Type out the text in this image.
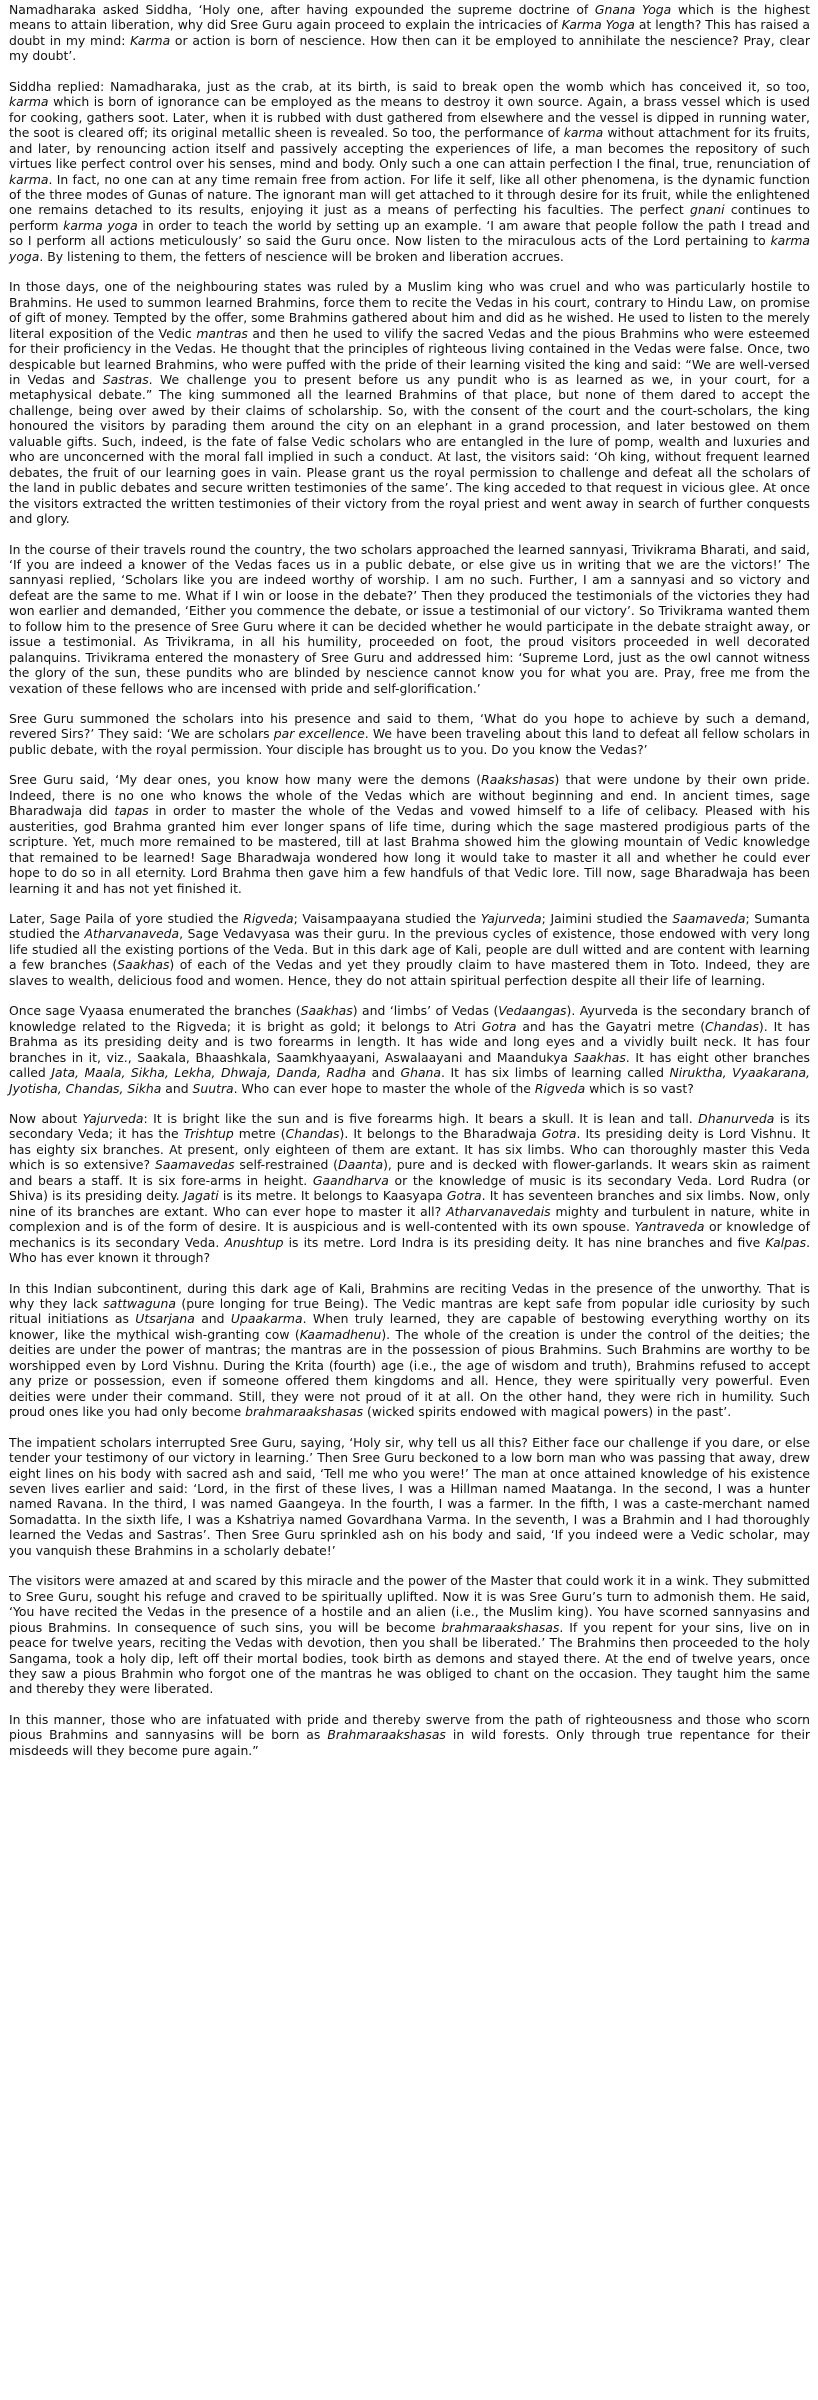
Namadharaka asked Siddha, ‘Holy one, after having expounded the supreme doctrine of Gnana Yoga which is the highest means to attain liberation, why did Sree Guru again proceed to explain the intricacies of Karma Yoga at length? This has raised a doubt in my mind: Karma or action is born of nescience. How then can it be employed to annihilate the nescience? Pray, clear my doubt’.

Siddha replied: Namadharaka, just as the crab, at its birth, is said to break open the womb which has conceived it, so too, karma which is born of ignorance can be employed as the means to destroy it own source. Again, a brass vessel which is used for cooking, gathers soot. Later, when it is rubbed with dust gathered from elsewhere and the vessel is dipped in running water, the soot is cleared off; its original metallic sheen is revealed. So too, the performance of karma without attachment for its fruits, and later, by renouncing action itself and passively accepting the experiences of life, a man becomes the repository of such virtues like perfect control over his senses, mind and body. Only such a one can attain perfection I the final, true, renunciation of karma. In fact, no one can at any time remain free from action. For life it self, like all other phenomena, is the dynamic function of the three modes of Gunas of nature. The ignorant man will get attached to it through desire for its fruit, while the enlightened one remains detached to its results, enjoying it just as a means of perfecting his faculties. The perfect gnani continues to perform karma yoga in order to teach the world by setting up an example. ‘I am aware that people follow the path I tread and so I perform all actions meticulously’ so said the Guru once. Now listen to the miraculous acts of the Lord pertaining to karma yoga. By listening to them, the fetters of nescience will be broken and liberation accrues.

In those days, one of the neighbouring states was ruled by a Muslim king who was cruel and who was particularly hostile to Brahmins. He used to summon learned Brahmins, force them to recite the Vedas in his court, contrary to Hindu Law, on promise of gift of money. Tempted by the offer, some Brahmins gathered about him and did as he wished. He used to listen to the merely literal exposition of the Vedic mantras and then he used to vilify the sacred Vedas and the pious Brahmins who were esteemed for their proficiency in the Vedas. He thought that the principles of righteous living contained in the Vedas were false. Once, two despicable but learned Brahmins, who were puffed with the pride of their learning visited the king and said: “We are well-versed in Vedas and Sastras. We challenge you to present before us any pundit who is as learned as we, in your court, for a metaphysical debate.” The king summoned all the learned Brahmins of that place, but none of them dared to accept the challenge, being over awed by their claims of scholarship. So, with the consent of the court and the court-scholars, the king honoured the visitors by parading them around the city on an elephant in a grand procession, and later bestowed on them valuable gifts. Such, indeed, is the fate of false Vedic scholars who are entangled in the lure of pomp, wealth and luxuries and who are unconcerned with the moral fall implied in such a conduct. At last, the visitors said: ‘Oh king, without frequent learned debates, the fruit of our learning goes in vain. Please grant us the royal permission to challenge and defeat all the scholars of the land in public debates and secure written testimonies of the same’. The king acceded to that request in vicious glee. At once the visitors extracted the written testimonies of their victory from the royal priest and went away in search of further conquests and glory.

In the course of their travels round the country, the two scholars approached the learned sannyasi, Trivikrama Bharati, and said, ‘If you are indeed a knower of the Vedas faces us in a public debate, or else give us in writing that we are the victors!’ The sannyasi replied, ‘Scholars like you are indeed worthy of worship. I am no such. Further, I am a sannyasi and so victory and defeat are the same to me. What if I win or loose in the debate?’ Then they produced the testimonials of the victories they had won earlier and demanded, ‘Either you commence the debate, or issue a testimonial of our victory’. So Trivikrama wanted them to follow him to the presence of Sree Guru where it can be decided whether he would participate in the debate straight away, or issue a testimonial. As Trivikrama, in all his humility, proceeded on foot, the proud visitors proceeded in well decorated palanquins. Trivikrama entered the monastery of Sree Guru and addressed him: ‘Supreme Lord, just as the owl cannot witness the glory of the sun, these pundits who are blinded by nescience cannot know you for what you are. Pray, free me from the vexation of these fellows who are incensed with pride and self-glorification.’

Sree Guru summoned the scholars into his presence and said to them, ‘What do you hope to achieve by such a demand, revered Sirs?’ They said: ‘We are scholars par excellence. We have been traveling about this land to defeat all fellow scholars in public debate, with the royal permission. Your disciple has brought us to you. Do you know the Vedas?’

Sree Guru said, ‘My dear ones, you know how many were the demons (Raakshasas) that were undone by their own pride. Indeed, there is no one who knows the whole of the Vedas which are without beginning and end. In ancient times, sage Bharadwaja did tapas in order to master the whole of the Vedas and vowed himself to a life of celibacy. Pleased with his austerities, god Brahma granted him ever longer spans of life time, during which the sage mastered prodigious parts of the scripture. Yet, much more remained to be mastered, till at last Brahma showed him the glowing mountain of Vedic knowledge that remained to be learned! Sage Bharadwaja wondered how long it would take to master it all and whether he could ever hope to do so in all eternity. Lord Brahma then gave him a few handfuls of that Vedic lore. Till now, sage Bharadwaja has been learning it and has not yet finished it.

Later, Sage Paila of yore studied the Rigveda; Vaisampaayana studied the Yajurveda; Jaimini studied the Saamaveda; Sumanta studied the Atharvanaveda, Sage Vedavyasa was their guru. In the previous cycles of existence, those endowed with very long life studied all the existing portions of the Veda. But in this dark age of Kali, people are dull witted and are content with learning a few branches (Saakhas) of each of the Vedas and yet they proudly claim to have mastered them in Toto. Indeed, they are slaves to wealth, delicious food and women. Hence, they do not attain spiritual perfection despite all their life of learning.

Once sage Vyaasa enumerated the branches (Saakhas) and ‘limbs’ of Vedas (Vedaangas). Ayurveda is the secondary branch of knowledge related to the Rigveda; it is bright as gold; it belongs to Atri Gotra and has the Gayatri metre (Chandas). It has Brahma as its presiding deity and is two forearms in length. It has wide and long eyes and a vividly built neck. It has four branches in it, viz., Saakala, Bhaashkala, Saamkhyaayani, Aswalaayani and Maandukya Saakhas. It has eight other branches called Jata, Maala, Sikha, Lekha, Dhwaja, Danda, Radha and Ghana. It has six limbs of learning called Niruktha, Vyaakarana, Jyotisha, Chandas, Sikha and Suutra. Who can ever hope to master the whole of the Rigveda which is so vast?

Now about Yajurveda: It is bright like the sun and is five forearms high. It bears a skull. It is lean and tall. Dhanurveda is its secondary Veda; it has the Trishtup metre (Chandas). It belongs to the Bharadwaja Gotra. Its presiding deity is Lord Vishnu. It has eighty six branches. At present, only eighteen of them are extant. It has six limbs. Who can thoroughly master this Veda which is so extensive? Saamavedas self-restrained (Daanta), pure and is decked with flower-garlands. It wears skin as raiment and bears a staff. It is six fore-arms in height. Gaandharva or the knowledge of music is its secondary Veda. Lord Rudra (or Shiva) is its presiding deity. Jagati is its metre. It belongs to Kaasyapa Gotra. It has seventeen branches and six limbs. Now, only nine of its branches are extant. Who can ever hope to master it all? Atharvanavedais mighty and turbulent in nature, white in complexion and is of the form of desire. It is auspicious and is well-contented with its own spouse. Yantraveda or knowledge of mechanics is its secondary Veda. Anushtup is its metre. Lord Indra is its presiding deity. It has nine branches and five Kalpas. Who has ever known it through?

In this Indian subcontinent, during this dark age of Kali, Brahmins are reciting Vedas in the presence of the unworthy. That is why they lack sattwaguna (pure longing for true Being). The Vedic mantras are kept safe from popular idle curiosity by such ritual initiations as Utsarjana and Upaakarma. When truly learned, they are capable of bestowing everything worthy on its knower, like the mythical wish-granting cow (Kaamadhenu). The whole of the creation is under the control of the deities; the deities are under the power of mantras; the mantras are in the possession of pious Brahmins. Such Brahmins are worthy to be worshipped even by Lord Vishnu. During the Krita (fourth) age (i.e., the age of wisdom and truth), Brahmins refused to accept any prize or possession, even if someone offered them kingdoms and all. Hence, they were spiritually very powerful. Even deities were under their command. Still, they were not proud of it at all. On the other hand, they were rich in humility. Such proud ones like you had only become brahmaraakshasas (wicked spirits endowed with magical powers) in the past’.

The impatient scholars interrupted Sree Guru, saying, ‘Holy sir, why tell us all this? Either face our challenge if you dare, or else tender your testimony of our victory in learning.’ Then Sree Guru beckoned to a low born man who was passing that away, drew eight lines on his body with sacred ash and said, ‘Tell me who you were!’ The man at once attained knowledge of his existence seven lives earlier and said: ‘Lord, in the first of these lives, I was a Hillman named Maatanga. In the second, I was a hunter named Ravana. In the third, I was named Gaangeya. In the fourth, I was a farmer. In the fifth, I was a caste-merchant named Somadatta. In the sixth life, I was a Kshatriya named Govardhana Varma. In the seventh, I was a Brahmin and I had thoroughly learned the Vedas and Sastras’. Then Sree Guru sprinkled ash on his body and said, ‘If you indeed were a Vedic scholar, may you vanquish these Brahmins in a scholarly debate!’

The visitors were amazed at and scared by this miracle and the power of the Master that could work it in a wink. They submitted to Sree Guru, sought his refuge and craved to be spiritually uplifted. Now it is was Sree Guru’s turn to admonish them. He said, ‘You have recited the Vedas in the presence of a hostile and an alien (i.e., the Muslim king). You have scorned sannyasins and pious Brahmins. In consequence of such sins, you will be become brahmaraakshasas. If you repent for your sins, live on in peace for twelve years, reciting the Vedas with devotion, then you shall be liberated.’ The Brahmins then proceeded to the holy Sangama, took a holy dip, left off their mortal bodies, took birth as demons and stayed there. At the end of twelve years, once they saw a pious Brahmin who forgot one of the mantras he was obliged to chant on the occasion. They taught him the same and thereby they were liberated.

In this manner, those who are infatuated with pride and thereby swerve from the path of righteousness and those who scorn pious Brahmins and sannyasins will be born as Brahmaraakshasas in wild forests. Only through true repentance for their misdeeds will they become pure again.”
